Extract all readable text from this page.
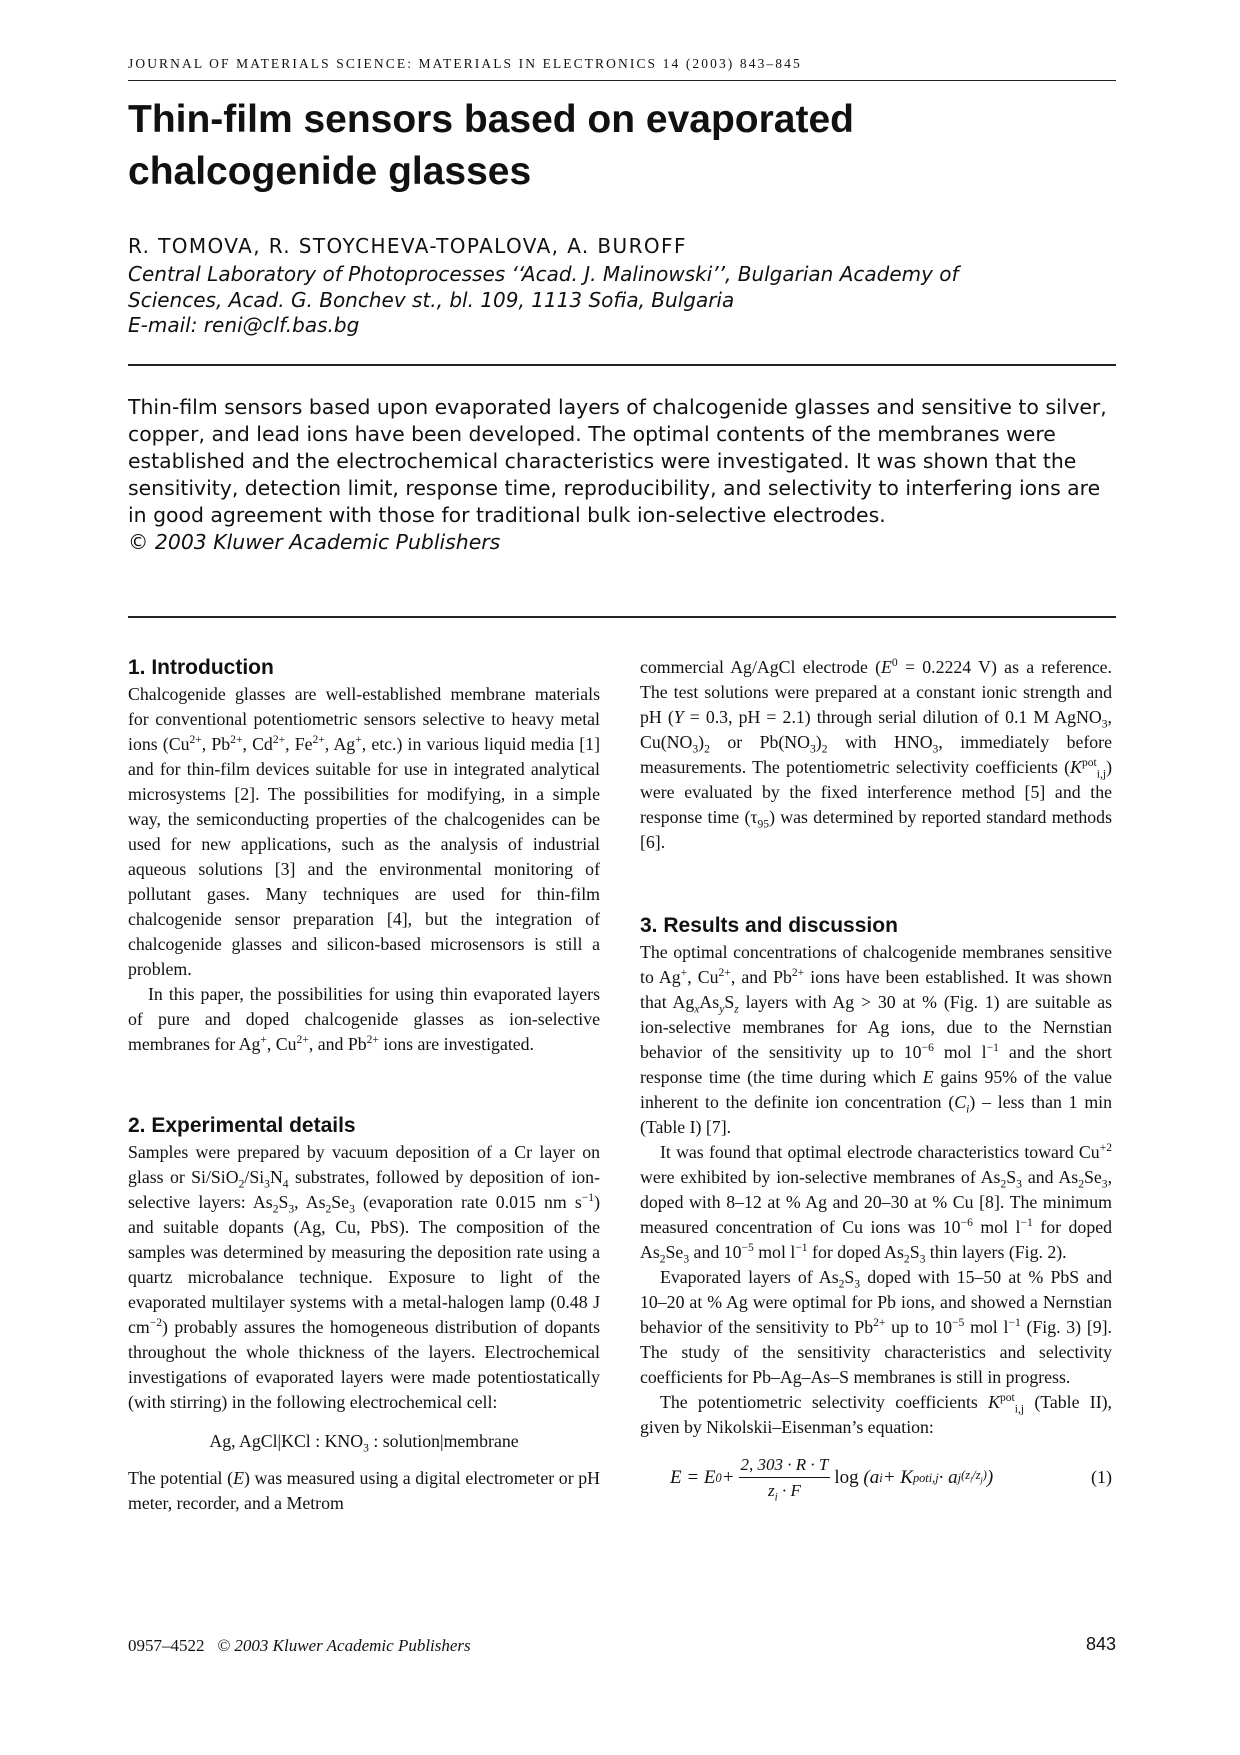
JOURNAL OF MATERIALS SCIENCE: MATERIALS IN ELECTRONICS 14 (2003) 843–845
Thin-film sensors based on evaporated
chalcogenide glasses
R. TOMOVA, R. STOYCHEVA-TOPALOVA, A. BUROFF
Central Laboratory of Photoprocesses ‘‘Acad. J. Malinowski’’, Bulgarian Academy of
Sciences, Acad. G. Bonchev st., bl. 109, 1113 Sofia, Bulgaria
E-mail: reni@clf.bas.bg
Thin-film sensors based upon evaporated layers of chalcogenide glasses and sensitive to silver, copper, and lead ions have been developed. The optimal contents of the membranes were established and the electrochemical characteristics were investigated. It was shown that the sensitivity, detection limit, response time, reproducibility, and selectivity to interfering ions are in good agreement with those for traditional bulk ion-selective electrodes.
© 2003 Kluwer Academic Publishers
1. Introduction

Chalcogenide glasses are well-established membrane materials for conventional potentiometric sensors selective to heavy metal ions ($Cu^{2+}$, $Pb^{2+}$, $Cd^{2+}$, $Fe^{2+}$, Ag+, etc.) in various liquid media [1] and for thin-film devices suitable for use in integrated analytical microsystems [2]. The possibilities for modifying, in a simple way, the semiconducting properties of the chalcogenides can be used for new applications, such as the analysis of industrial aqueous solutions [3] and the environmental monitoring of pollutant gases. Many techniques are used for thin-film chalcogenide sensor preparation [4], but the integration of chalcogenide glasses and silicon-based microsensors is still a problem.

In this paper, the possibilities for using thin evaporated layers of pure and doped chalcogenide glasses as ion-selective membranes for Ag+, $Cu^{2+}$, and $Pb^{2+}$ ions are investigated.

2. Experimental details

Samples were prepared by vacuum deposition of a Cr layer on glass or $Si/SiO_2/Si_3N_4$ substrates, followed by deposition of ion-selective layers: $As_2S_3$, $As_2Se_3$ (evaporation rate 0.015 nm $s^{-1}$) and suitable dopants (Ag, Cu, PbS). The composition of the samples was determined by measuring the deposition rate using a quartz microbalance technique. Exposure to light of the evaporated multilayer systems with a metal-halogen lamp (0.48 J $cm^{-2}$) probably assures the homogeneous distribution of dopants throughout the whole thickness of the layers. Electrochemical investigations of evaporated layers were made potentiostatically (with stirring) in the following electrochemical cell:

Ag, AgCl|KCl : $KNO_3$ : solution|membrane

The potential (E) was measured using a digital electrometer or pH meter, recorder, and a Metrom

commercial Ag/AgCl electrode ($E^0 = 0.2224$ V) as a reference. The test solutions were prepared at a constant ionic strength and pH (Y = 0.3, pH = 2.1) through serial dilution of 0.1 M AgNO$_3$, $Cu(NO_3)_2$ or $Pb(NO_3)_2$ with $HNO_3$, immediately before measurements. The potentiometric selectivity coefficients $(K^{pot}_{i,j})$ were evaluated by the fixed interference method [5] and the response time $(\tau_{95})$ was determined by reported standard methods [6].

3. Results and discussion

The optimal concentrations of chalcogenide membranes sensitive to Ag+, $Cu^{2+}$, and $Pb^{2+}$ ions have been established. It was shown that $Ag_xAs_yS_z$ layers with Ag > 30 at % (Fig. 1) are suitable as ion-selective membranes for Ag ions, due to the Nernstian behavior of the sensitivity up to $10^{-6}$ mol $l^{-1}$ and the short response time (the time during which E gains 95% of the value inherent to the definite ion concentration $(C_i)$ – less than 1 min (Table I) [7].

It was found that optimal electrode characteristics toward $Cu^{+2}$ were exhibited by ion-selective membranes of $As_2S_3$ and $As_2Se_3$, doped with 8–12 at % Ag and 20–30 at % Cu [8]. The minimum measured concentration of Cu ions was $10^{-6}$ mol $l^{-1}$ for doped $As_2Se_3$ and $10^{-5}$ mol $l^{-1}$ for doped $As_2S_3$ thin layers (Fig. 2).

Evaporated layers of $As_2S_3$ doped with 15–50 at % PbS and 10–20 at % Ag were optimal for Pb ions, and showed a Nernstian behavior of the sensitivity to $Pb^{2+}$ up to $10^{-5}$ mol $l^{-1}$ (Fig. 3) [9]. The study of the sensitivity characteristics and selectivity coefficients for Pb–Ag–As–S membranes is still in progress.

The potentiometric selectivity coefficients $K^{pot}_{i,j}$ (Table II), given by Nikolskii–Eisenman’s equation:

E = E $0 + \frac{2, 303 \cdot R \cdot T}{z_i \cdot F}$ log (a i + K pot i,j · a j $(z_i/z_j)$ )	(1)
0957–4522 © 2003 Kluwer Academic Publishers	843
